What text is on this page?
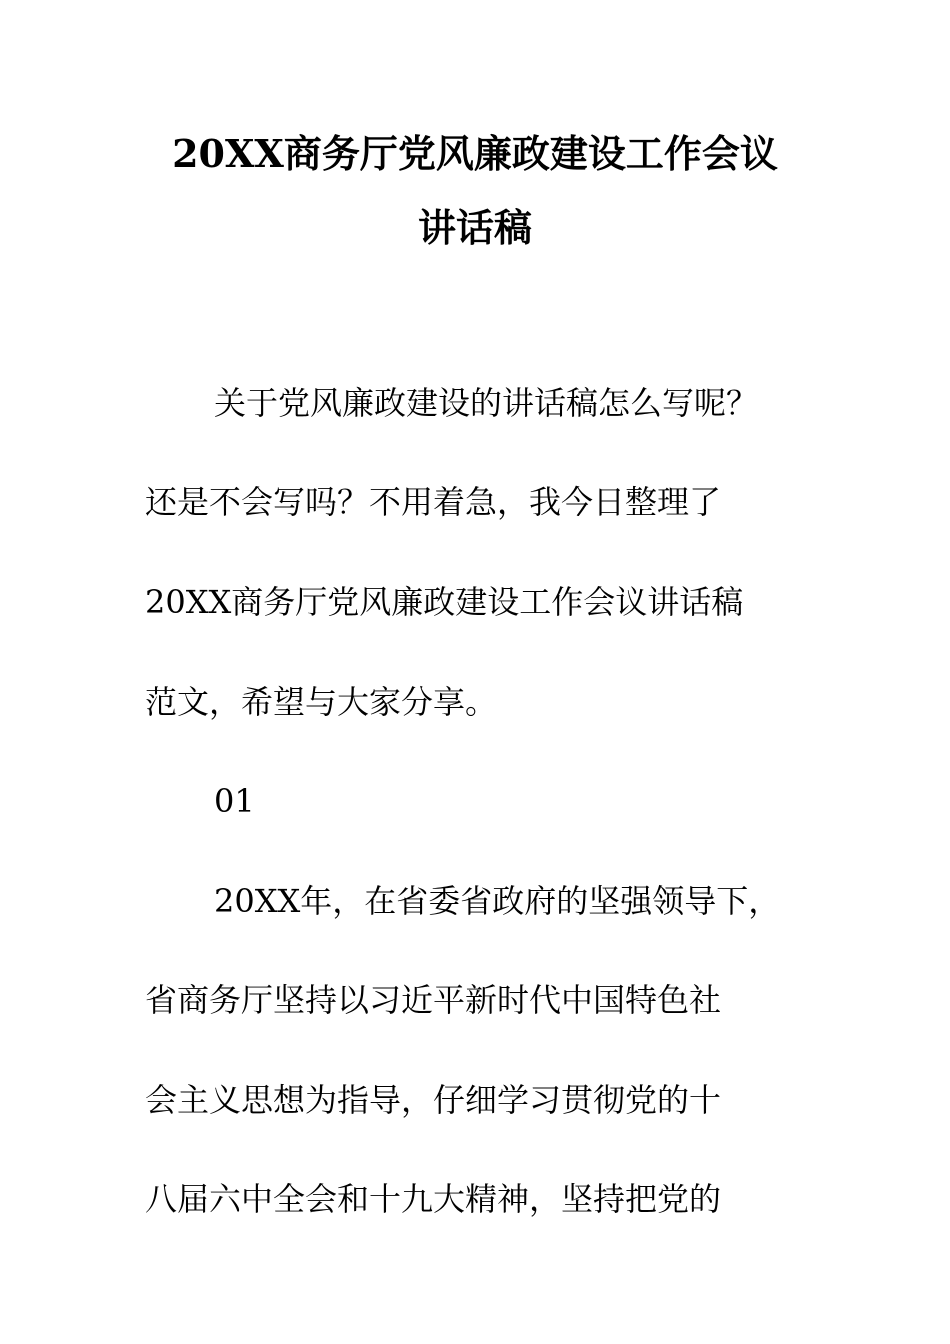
20XX商务厅党风廉政建设工作会议
讲话稿
关于党风廉政建设的讲话稿怎么写呢？
还是不会写吗？不用着急，我今日整理了
20XX商务厅党风廉政建设工作会议讲话稿
范文，希望与大家分享。
01
20XX年，在省委省政府的坚强领导下，
省商务厅坚持以习近平新时代中国特色社
会主义思想为指导，仔细学习贯彻党的十
八届六中全会和十九大精神，坚持把党的
